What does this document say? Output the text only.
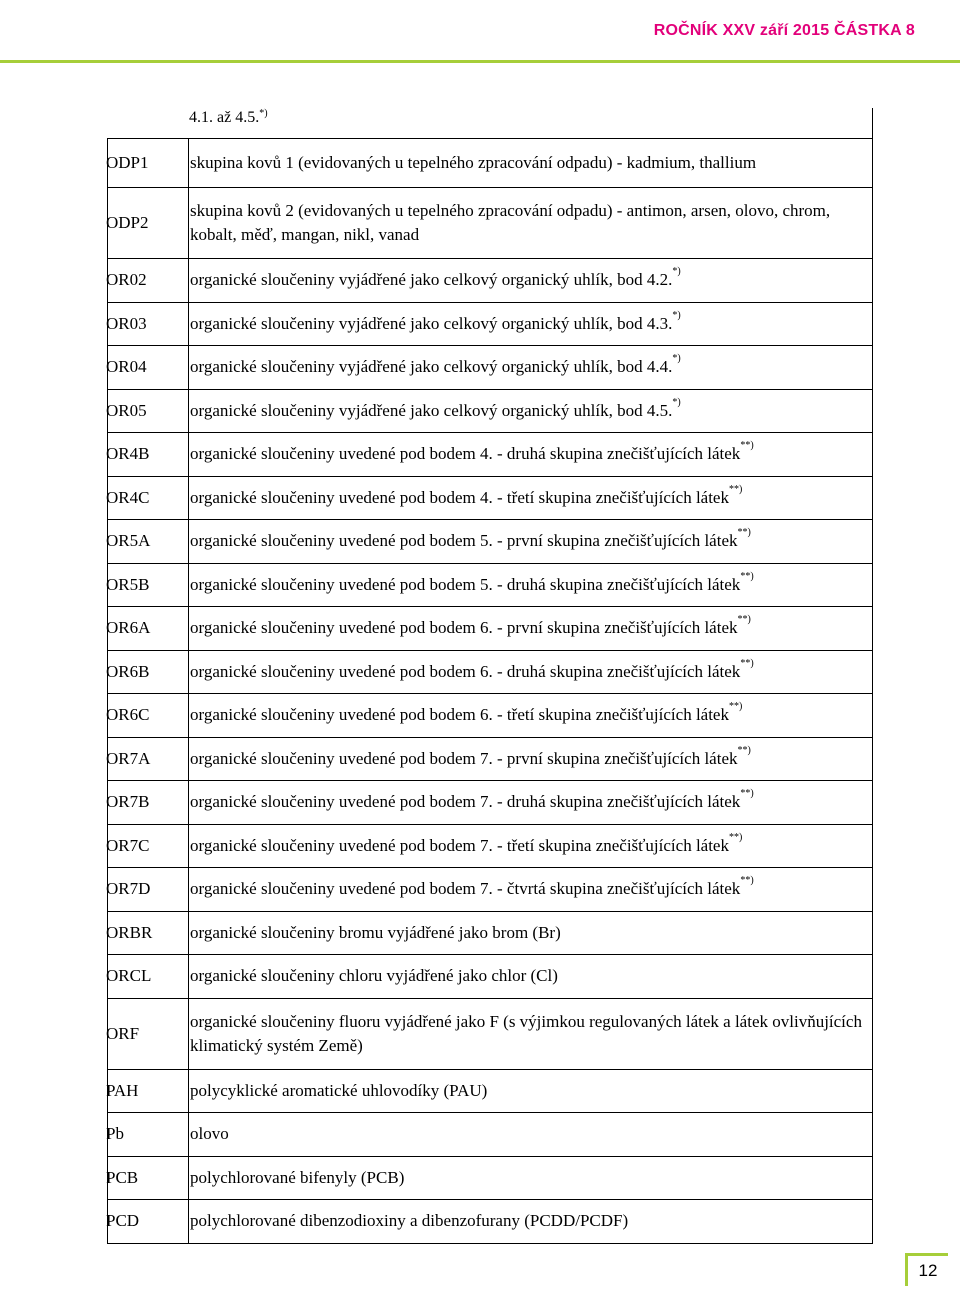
ROČNÍK XXV září 2015 ČÁSTKA 8
4.1. až 4.5.*)
ODP1	skupina kovů 1 (evidovaných u tepelného zpracování odpadu) - kadmium, thallium
ODP2	skupina kovů 2 (evidovaných u tepelného zpracování odpadu) - antimon, arsen, olovo, chrom, kobalt, měď, mangan, nikl, vanad
OR02	organické sloučeniny vyjádřené jako celkový organický uhlík, bod 4.2.*)
OR03	organické sloučeniny vyjádřené jako celkový organický uhlík, bod 4.3.*)
OR04	organické sloučeniny vyjádřené jako celkový organický uhlík, bod 4.4.*)
OR05	organické sloučeniny vyjádřené jako celkový organický uhlík, bod 4.5.*)
OR4B	organické sloučeniny uvedené pod bodem 4. - druhá skupina znečišťujících látek**)
OR4C	organické sloučeniny uvedené pod bodem 4. - třetí skupina znečišťujících látek**)
OR5A	organické sloučeniny uvedené pod bodem 5. - první skupina znečišťujících látek**)
OR5B	organické sloučeniny uvedené pod bodem 5. - druhá skupina znečišťujících látek**)
OR6A	organické sloučeniny uvedené pod bodem 6. - první skupina znečišťujících látek**)
OR6B	organické sloučeniny uvedené pod bodem 6. - druhá skupina znečišťujících látek**)
OR6C	organické sloučeniny uvedené pod bodem 6. - třetí skupina znečišťujících látek**)
OR7A	organické sloučeniny uvedené pod bodem 7. - první skupina znečišťujících látek**)
OR7B	organické sloučeniny uvedené pod bodem 7. - druhá skupina znečišťujících látek**)
OR7C	organické sloučeniny uvedené pod bodem 7. - třetí skupina znečišťujících látek**)
OR7D	organické sloučeniny uvedené pod bodem 7. - čtvrtá skupina znečišťujících látek**)
ORBR	organické sloučeniny bromu vyjádřené jako brom (Br)
ORCL	organické sloučeniny chloru vyjádřené jako chlor (Cl)
ORF	organické sloučeniny fluoru vyjádřené jako F (s výjimkou regulovaných látek a látek ovlivňujících klimatický systém Země)
PAH	polycyklické aromatické uhlovodíky (PAU)
Pb	olovo
PCB	polychlorované bifenyly (PCB)
PCD	polychlorované dibenzodioxiny a dibenzofurany (PCDD/PCDF)
12
